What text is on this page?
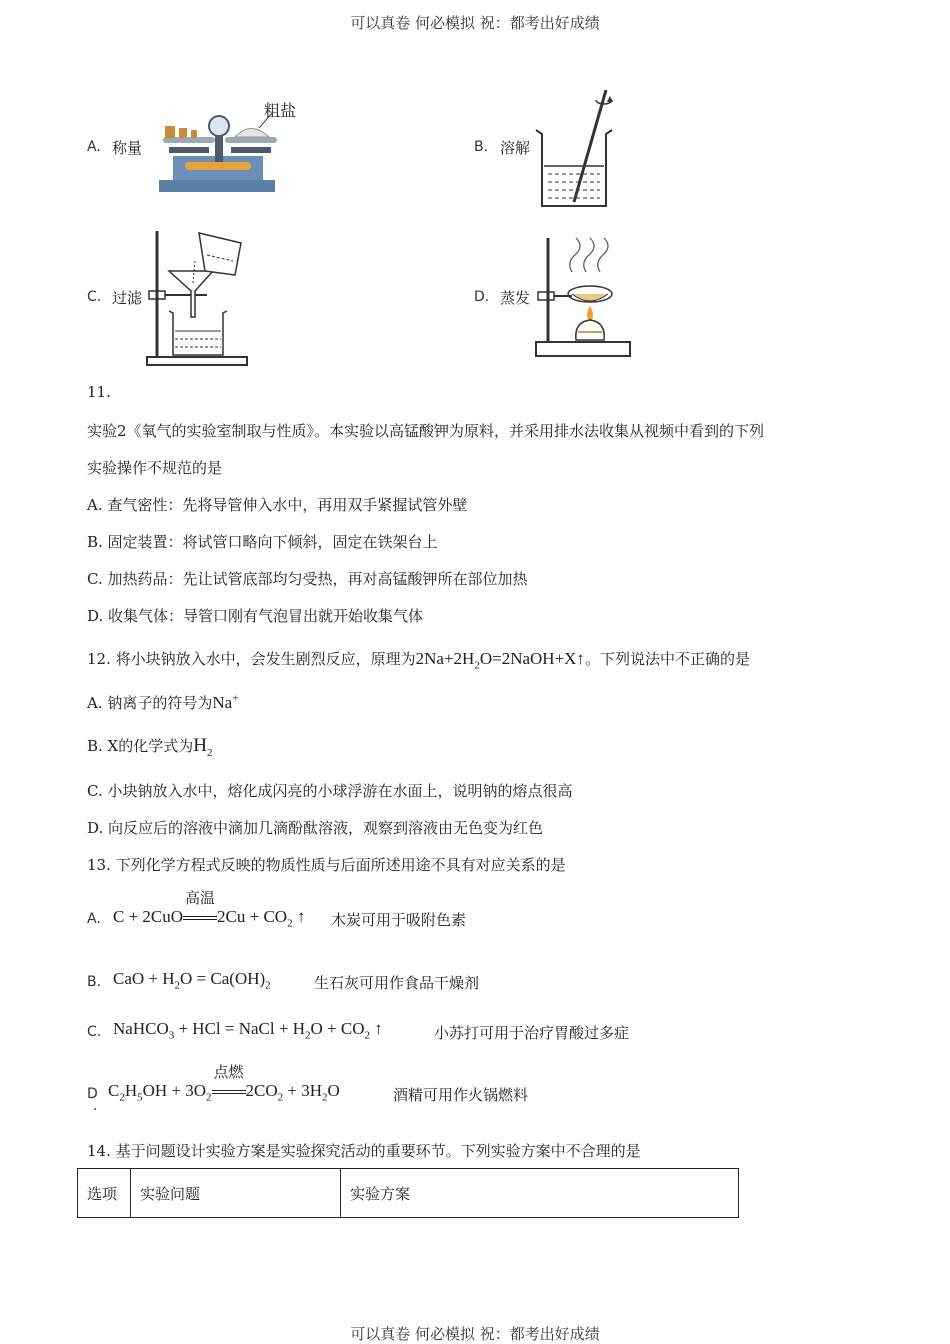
可以真卷 何必模拟 祝：都考出好成绩
A. 称量
粗盐
B. 溶解
C. 过滤	D. 蒸发
11.
实验2《氧气的实验室制取与性质》。本实验以高锰酸钾为原料，并采用排水法收集从视频中看到的下列
实验操作不规范的是
A. 查气密性：先将导管伸入水中，再用双手紧握试管外壁
B. 固定装置：将试管口略向下倾斜，固定在铁架台上
C. 加热药品：先让试管底部均匀受热，再对高锰酸钾所在部位加热
D. 收集气体：导管口刚有气泡冒出就开始收集气体
12. 将小块钠放入水中，会发生剧烈反应，原理为$2Na+2H_2O=2NaOH+X↑$。下列说法中不正确的是
A. 钠离子的符号为Na+
B. X的化学式为$H_2$
C. 小块钠放入水中，熔化成闪亮的小球浮游在水面上，说明钠的熔点很高
D. 向反应后的溶液中滴加几滴酚酞溶液，观察到溶液由无色变为红色
13. 下列化学方程式反映的物质性质与后面所述用途不具有对应关系的是
A. C + 2CuO
高温
$2Cu + CO_2$ ↑ 木炭可用于吸附色素
B. CaO + $H_2O = Ca(OH)_2$	生石灰可用作食品干燥剂
C. NaHCO$_3$ + HCl = NaCl + $H_2O + CO_2$ ↑	小苏打可用于治疗胃酸过多症
D
.
$C_2H_5OH + 3O_2$
点燃
$2CO_2 + 3H_2O$	酒精可用作火锅燃料
14. 基于问题设计实验方案是实验探究活动的重要环节。下列实验方案中不合理的是
选项	实验问题	实验方案
可以真卷 何必模拟 祝：都考出好成绩
